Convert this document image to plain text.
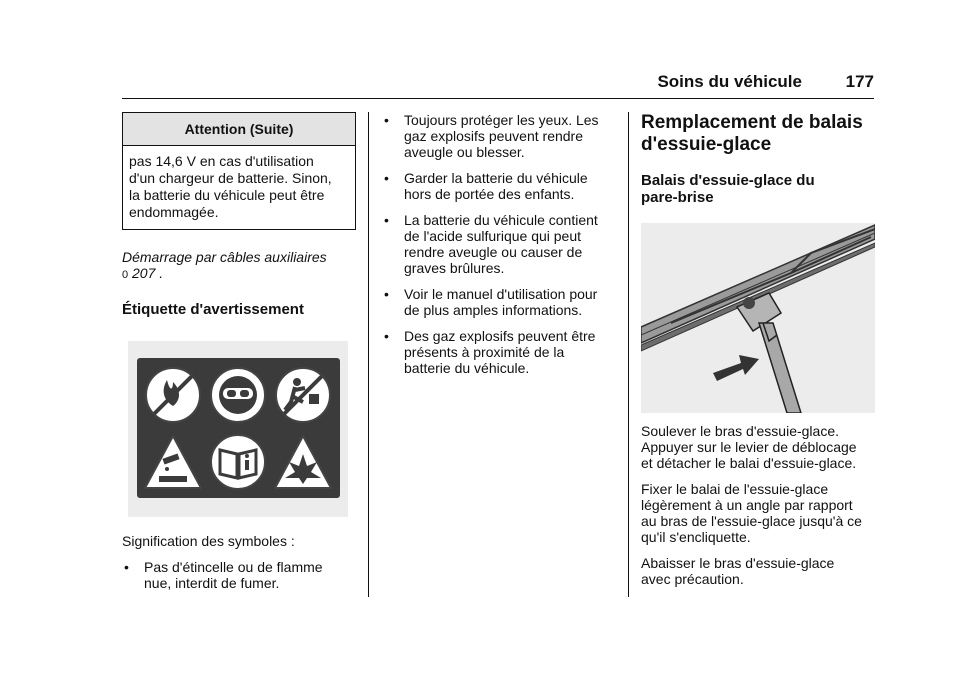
Soins du véhicule	177
Attention (Suite)
pas 14,6 V en cas d'utilisation
d'un chargeur de batterie. Sinon,
la batterie du véhicule peut être
endommagée.

Démarrage par câbles auxiliaires
0 207 .

Étiquette d'avertissement

Signification des symboles :

• Pas d'étincelle ou de flamme
nue, interdit de fumer.
• Toujours protéger les yeux. Les
gaz explosifs peuvent rendre
aveugle ou blesser.
• Garder la batterie du véhicule
hors de portée des enfants.
• La batterie du véhicule contient
de l'acide sulfurique qui peut
rendre aveugle ou causer de
graves brûlures.
• Voir le manuel d'utilisation pour
de plus amples informations.
• Des gaz explosifs peuvent être
présents à proximité de la
batterie du véhicule.
Remplacement de balais
d'essuie-glace
Balais d'essuie-glace du
pare-brise

Soulever le bras d'essuie-glace.
Appuyer sur le levier de déblocage
et détacher le balai d'essuie-glace.

Fixer le balai de l'essuie-glace
légèrement à un angle par rapport
au bras de l'essuie-glace jusqu'à ce
qu'il s'encliquette.

Abaisser le bras d'essuie-glace
avec précaution.
